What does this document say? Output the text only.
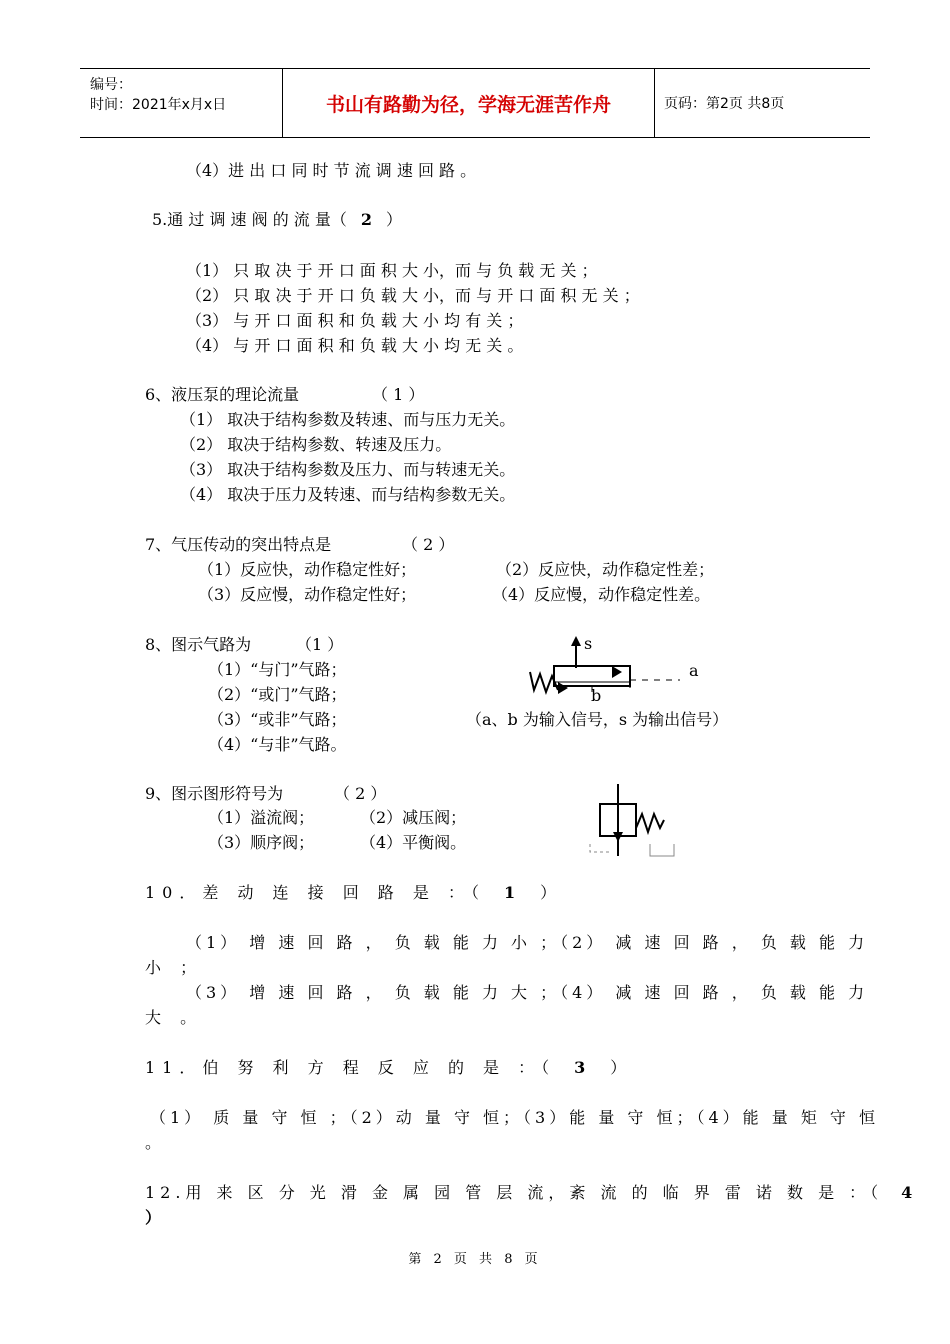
编号：
时间：2021年x月x日	书山有路勤为径，学海无涯苦作舟	页码：第2页 共8页
（4）进 出 口 同 时 节 流 调 速 回 路 。
5.通 过 调 速 阀 的 流 量（ 2 ）
（1） 只 取 决 于 开 口 面 积 大 小，而 与 负 载 无 关 ；
（2） 只 取 决 于 开 口 负 载 大 小，而 与 开 口 面 积 无 关 ；
（3） 与 开 口 面 积 和 负 载 大 小 均 有 关 ；
（4） 与 开 口 面 积 和 负 载 大 小 均 无 关 。
6、液压泵的理论流量	（ 1 ）
（1） 取决于结构参数及转速、而与压力无关。
（2） 取决于结构参数、转速及压力。
（3） 取决于结构参数及压力、而与转速无关。
（4） 取决于压力及转速、而与结构参数无关。
7、气压传动的突出特点是	（ 2 ）
（1）反应快，动作稳定性好；	（2）反应快，动作稳定性差；
（3）反应慢，动作稳定性好；	（4）反应慢，动作稳定性差。
8、图示气路为	（1 ）
（1）“与门”气路；
（2）“或门”气路；
（3）“或非”气路；
（4）“与非”气路。
s
a
b
（a、b 为输入信号，s 为输出信号）
9、图示图形符号为	（ 2 ）
（1）溢流阀；	（2）减压阀；
（3）顺序阀；	（4）平衡阀。
10．差 动 连 接 回 路 是 ：（ 1 ）
（1） 增 速 回 路 ， 负 载 能 力 小 ；（2） 减 速 回 路 ， 负 载 能 力
小 ；
（3） 增 速 回 路 ， 负 载 能 力 大 ；（4） 减 速 回 路 ， 负 载 能 力
大 。
11．伯 努 利 方 程 反 应 的 是 ：（ 3 ）
（1） 质 量 守 恒 ；（2）动 量 守 恒；（3）能 量 守 恒；（4）能 量 矩 守 恒
。
12.用 来 区 分 光 滑 金 属 园 管 层 流，紊 流 的 临 界 雷 诺 数 是 ：（ 4
）
第 2 页 共 8 页
